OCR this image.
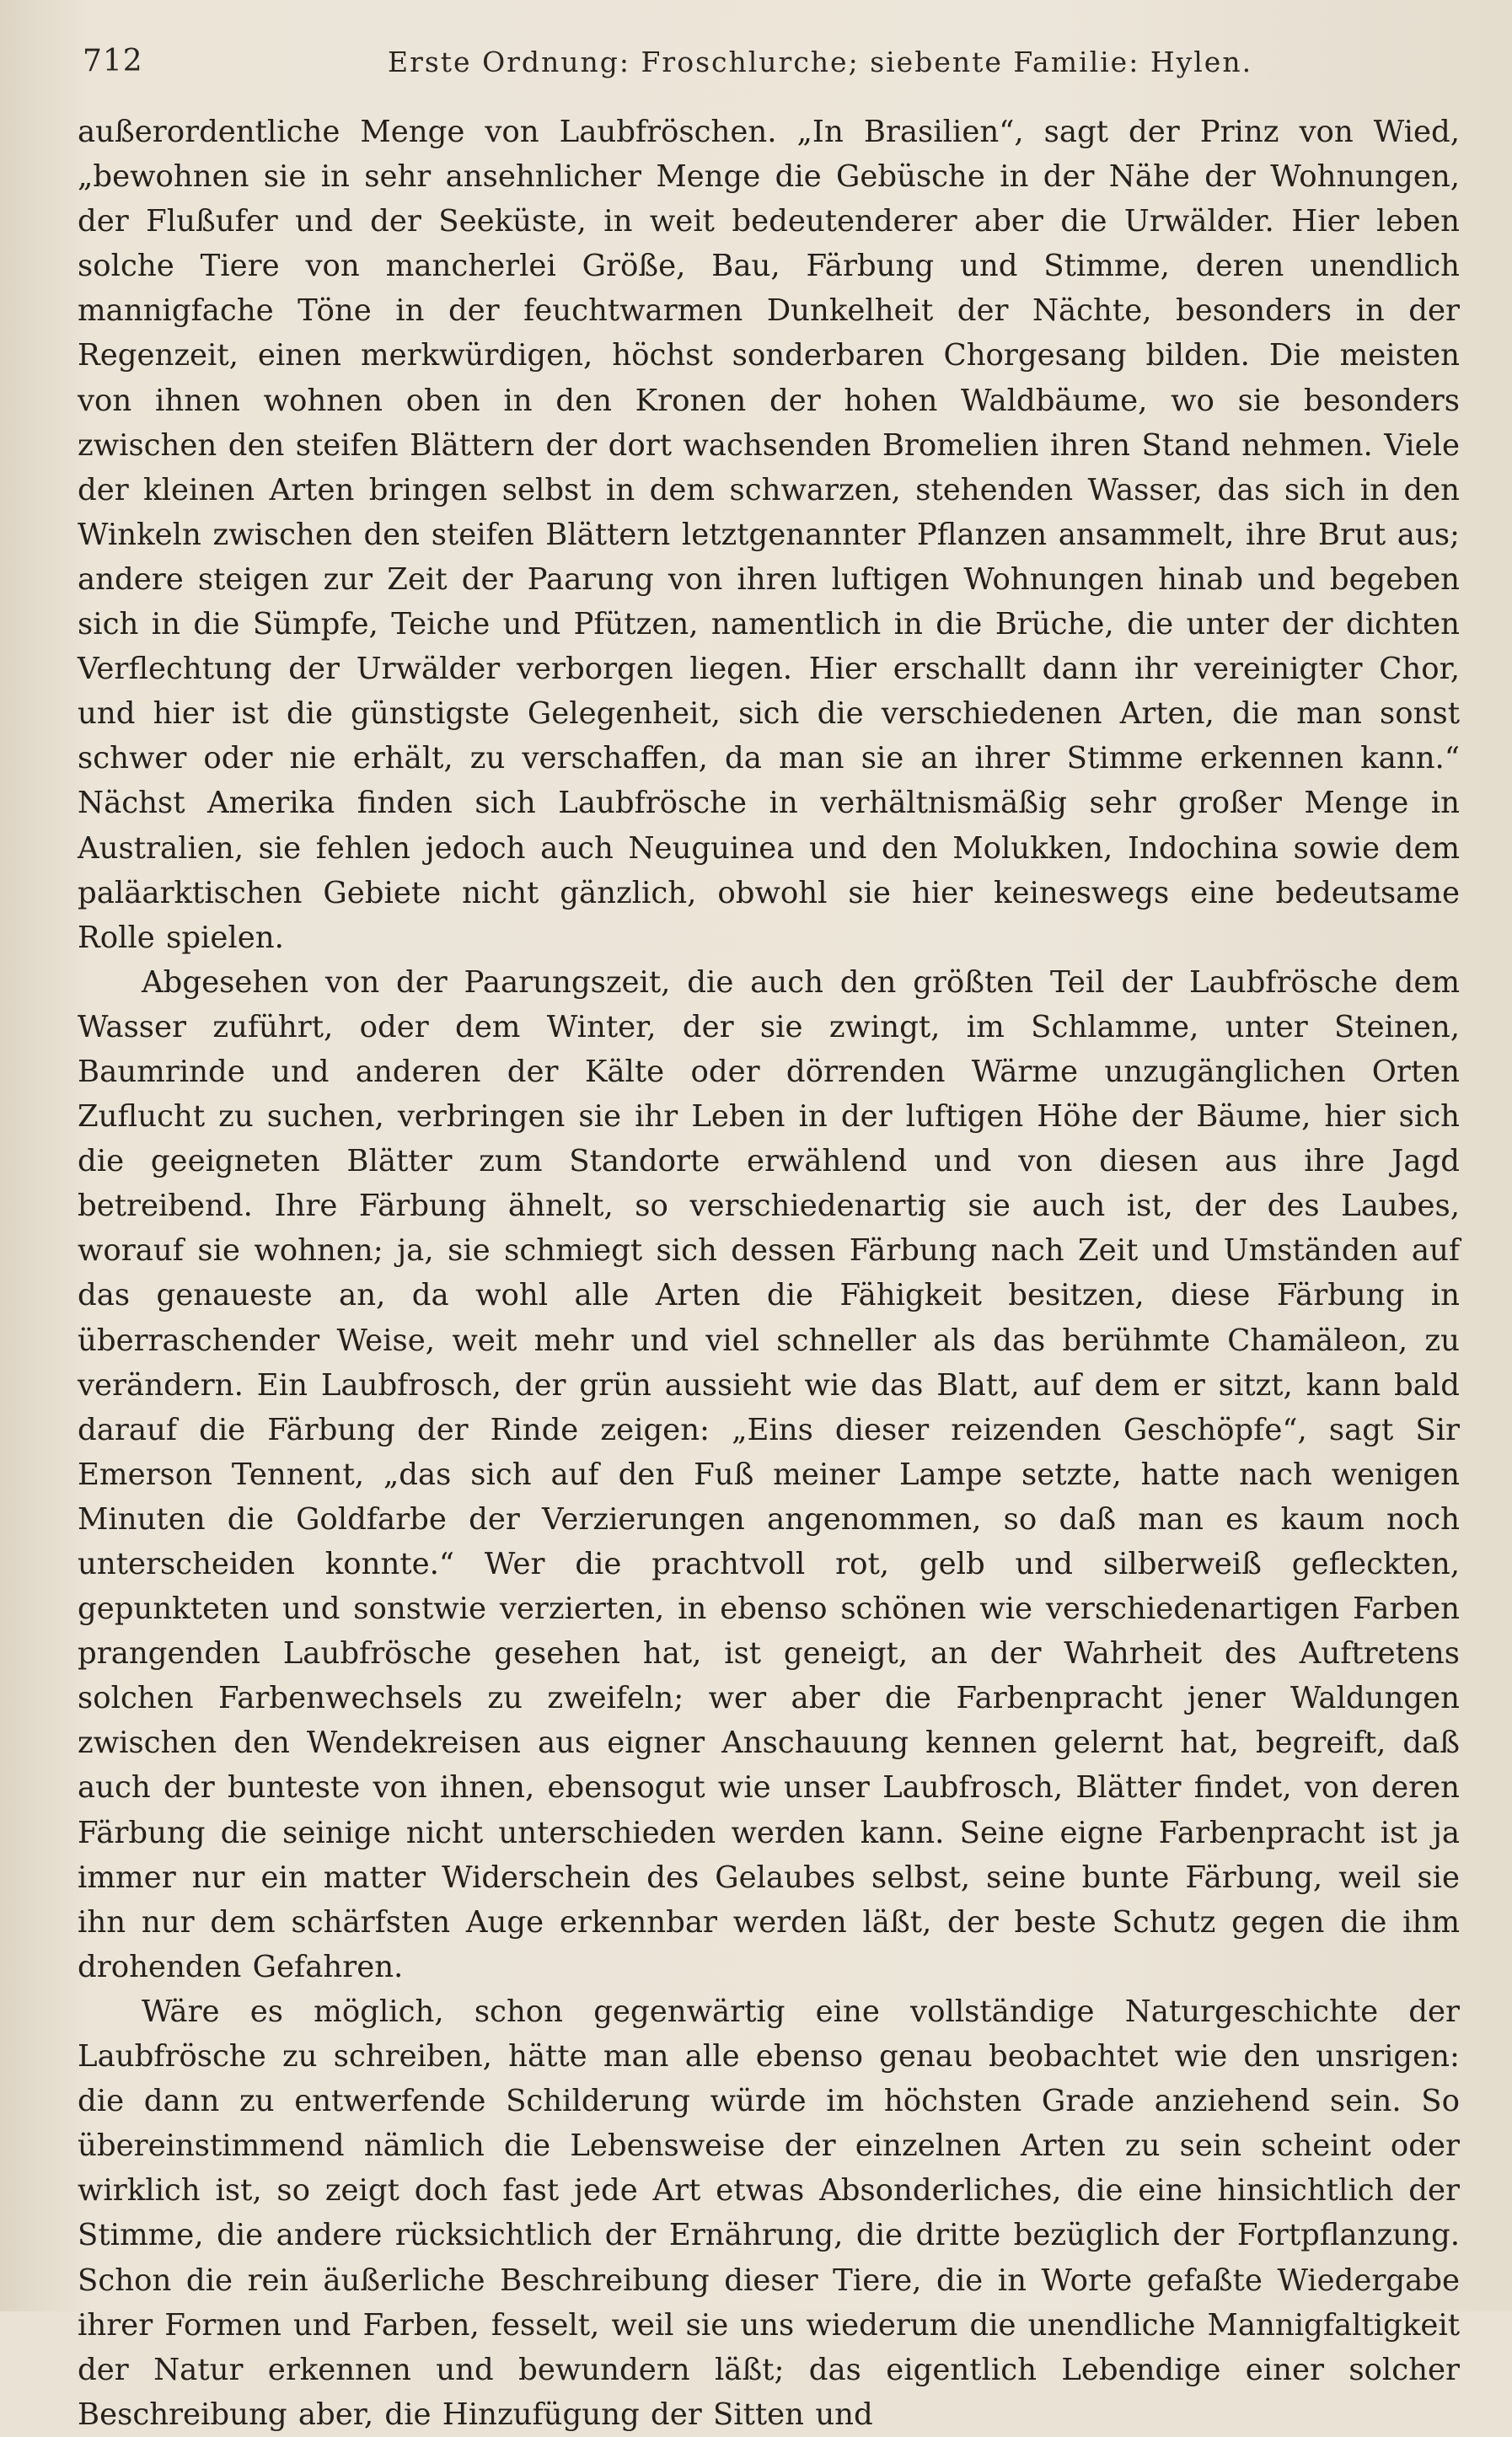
712	Erste Ordnung: Froschlurche; siebente Familie: Hylen.

außerordentliche Menge von Laubfröschen. „In Brasilien“, sagt der Prinz von Wied, „bewohnen sie in sehr ansehnlicher Menge die Gebüsche in der Nähe der Wohnungen, der Flußufer und der Seeküste, in weit bedeutenderer aber die Urwälder. Hier leben solche Tiere von mancherlei Größe, Bau, Färbung und Stimme, deren unendlich mannigfache Töne in der feuchtwarmen Dunkelheit der Nächte, besonders in der Regenzeit, einen merkwürdigen, höchst sonderbaren Chorgesang bilden. Die meisten von ihnen wohnen oben in den Kronen der hohen Waldbäume, wo sie besonders zwischen den steifen Blättern der dort wachsenden Bromelien ihren Stand nehmen. Viele der kleinen Arten bringen selbst in dem schwarzen, stehenden Wasser, das sich in den Winkeln zwischen den steifen Blättern letztgenannter Pflanzen ansammelt, ihre Brut aus; andere steigen zur Zeit der Paarung von ihren luftigen Wohnungen hinab und begeben sich in die Sümpfe, Teiche und Pfützen, namentlich in die Brüche, die unter der dichten Verflechtung der Urwälder verborgen liegen. Hier erschallt dann ihr vereinigter Chor, und hier ist die günstigste Gelegenheit, sich die verschiedenen Arten, die man sonst schwer oder nie erhält, zu verschaffen, da man sie an ihrer Stimme erkennen kann.“ Nächst Amerika finden sich Laubfrösche in verhältnismäßig sehr großer Menge in Australien, sie fehlen jedoch auch Neuguinea und den Molukken, Indochina sowie dem paläarktischen Gebiete nicht gänzlich, obwohl sie hier keineswegs eine bedeutsame Rolle spielen.

Abgesehen von der Paarungszeit, die auch den größten Teil der Laubfrösche dem Wasser zuführt, oder dem Winter, der sie zwingt, im Schlamme, unter Steinen, Baumrinde und anderen der Kälte oder dörrenden Wärme unzugänglichen Orten Zuflucht zu suchen, verbringen sie ihr Leben in der luftigen Höhe der Bäume, hier sich die geeigneten Blätter zum Standorte erwählend und von diesen aus ihre Jagd betreibend. Ihre Färbung ähnelt, so verschiedenartig sie auch ist, der des Laubes, worauf sie wohnen; ja, sie schmiegt sich dessen Färbung nach Zeit und Umständen auf das genaueste an, da wohl alle Arten die Fähigkeit besitzen, diese Färbung in überraschender Weise, weit mehr und viel schneller als das berühmte Chamäleon, zu verändern. Ein Laubfrosch, der grün aussieht wie das Blatt, auf dem er sitzt, kann bald darauf die Färbung der Rinde zeigen: „Eins dieser reizenden Geschöpfe“, sagt Sir Emerson Tennent, „das sich auf den Fuß meiner Lampe setzte, hatte nach wenigen Minuten die Goldfarbe der Verzierungen angenommen, so daß man es kaum noch unterscheiden konnte.“ Wer die prachtvoll rot, gelb und silberweiß gefleckten, gepunkteten und sonstwie verzierten, in ebenso schönen wie verschiedenartigen Farben prangenden Laubfrösche gesehen hat, ist geneigt, an der Wahrheit des Auftretens solchen Farbenwechsels zu zweifeln; wer aber die Farbenpracht jener Waldungen zwischen den Wendekreisen aus eigner Anschauung kennen gelernt hat, begreift, daß auch der bunteste von ihnen, ebensogut wie unser Laubfrosch, Blätter findet, von deren Färbung die seinige nicht unterschieden werden kann. Seine eigne Farbenpracht ist ja immer nur ein matter Widerschein des Gelaubes selbst, seine bunte Färbung, weil sie ihn nur dem schärfsten Auge erkennbar werden läßt, der beste Schutz gegen die ihm drohenden Gefahren.

Wäre es möglich, schon gegenwärtig eine vollständige Naturgeschichte der Laubfrösche zu schreiben, hätte man alle ebenso genau beobachtet wie den unsrigen: die dann zu entwerfende Schilderung würde im höchsten Grade anziehend sein. So übereinstimmend nämlich die Lebensweise der einzelnen Arten zu sein scheint oder wirklich ist, so zeigt doch fast jede Art etwas Absonderliches, die eine hinsichtlich der Stimme, die andere rücksichtlich der Ernährung, die dritte bezüglich der Fortpflanzung. Schon die rein äußerliche Beschreibung dieser Tiere, die in Worte gefaßte Wiedergabe ihrer Formen und Farben, fesselt, weil sie uns wiederum die unendliche Mannigfaltigkeit der Natur erkennen und bewundern läßt; das eigentlich Lebendige einer solcher Beschreibung aber, die Hinzufügung der Sitten und
